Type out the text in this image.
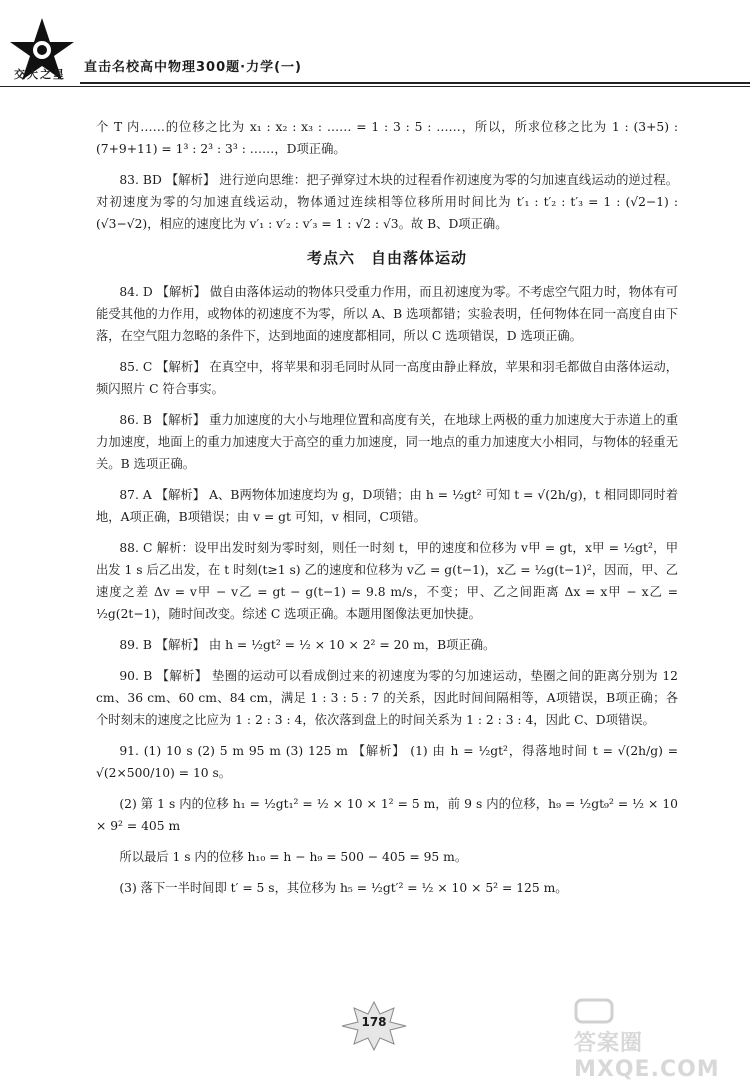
交大之星 直击名校高中物理300题·力学(一)

个 T 内……的位移之比为 x₁ : x₂ : x₃ : …… = 1 : 3 : 5 : ……，所以，所求位移之比为 1 : (3+5) : (7+9+11) = 1³ : 2³ : 3³ : ……，D项正确。

83. BD 【解析】 进行逆向思维：把子弹穿过木块的过程看作初速度为零的匀加速直线运动的逆过程。对初速度为零的匀加速直线运动，物体通过连续相等位移所用时间比为 t′₁ : t′₂ : t′₃ = 1 : (√2−1) : (√3−√2)，相应的速度比为 v′₁ : v′₂ : v′₃ = 1 : √2 : √3。故 B、D项正确。

考点六　自由落体运动

84. D 【解析】 做自由落体运动的物体只受重力作用，而且初速度为零。不考虑空气阻力时，物体有可能受其他的力作用，或物体的初速度不为零，所以 A、B 选项都错；实验表明，任何物体在同一高度自由下落，在空气阻力忽略的条件下，达到地面的速度都相同，所以 C 选项错误，D 选项正确。

85. C 【解析】 在真空中，将苹果和羽毛同时从同一高度由静止释放，苹果和羽毛都做自由落体运动，频闪照片 C 符合事实。

86. B 【解析】 重力加速度的大小与地理位置和高度有关，在地球上两极的重力加速度大于赤道上的重力加速度，地面上的重力加速度大于高空的重力加速度，同一地点的重力加速度大小相同，与物体的轻重无关。B 选项正确。

87. A 【解析】 A、B两物体加速度均为 g，D项错；由 h = ½gt² 可知 t = √(2h/g)，t 相同即同时着地，A项正确，B项错误；由 v = gt 可知，v 相同，C项错。

88. C 解析：设甲出发时刻为零时刻，则任一时刻 t，甲的速度和位移为 v甲 = gt，x甲 = ½gt²，甲出发 1 s 后乙出发，在 t 时刻(t≥1 s) 乙的速度和位移为 v乙 = g(t−1)，x乙 = ½g(t−1)²，因而，甲、乙速度之差 Δv = v甲 − v乙 = gt − g(t−1) = 9.8 m/s，不变；甲、乙之间距离 Δx = x甲 − x乙 = ½g(2t−1)，随时间改变。综述 C 选项正确。本题用图像法更加快捷。

89. B 【解析】 由 h = ½gt² = ½ × 10 × 2² = 20 m，B项正确。

90. B 【解析】 垫圈的运动可以看成倒过来的初速度为零的匀加速运动，垫圈之间的距离分别为 12 cm、36 cm、60 cm、84 cm，满足 1 : 3 : 5 : 7 的关系，因此时间间隔相等，A项错误，B项正确；各个时刻末的速度之比应为 1 : 2 : 3 : 4，依次落到盘上的时间关系为 1 : 2 : 3 : 4，因此 C、D项错误。

91. (1) 10 s (2) 5 m 95 m (3) 125 m 【解析】 (1) 由 h = ½gt²，得落地时间 t = √(2h/g) = √(2×500/10) = 10 s。

(2) 第 1 s 内的位移 h₁ = ½gt₁² = ½ × 10 × 1² = 5 m，前 9 s 内的位移，h₉ = ½gt₉² = ½ × 10 × 9² = 405 m

所以最后 1 s 内的位移 h₁₀ = h − h₉ = 500 − 405 = 95 m。

(3) 落下一半时间即 t′ = 5 s，其位移为 h₅ = ½gt′² = ½ × 10 × 5² = 125 m。

178
答案圈 MXQE.COM
